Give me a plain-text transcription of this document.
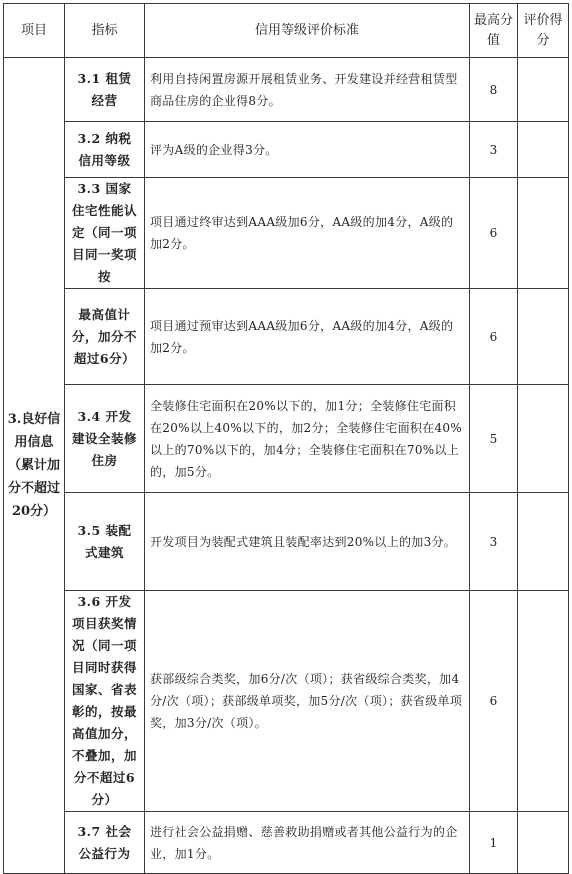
项目	指标	信用等级评价标准	最高分值	评价得分
3.良好信用信息（累计加分不超过20分）	3.1 租赁经营	利用自持闲置房源开展租赁业务、开发建设并经营租赁型商品住房的企业得8分。	8	
	3.2 纳税信用等级	评为A级的企业得3分。	3	
	3.3 国家住宅性能认定（同一项目同一奖项按	项目通过终审达到AAA级加6分，AA级的加4分，A级的加2分。	6	
	最高值计分，加分不超过6分）	项目通过预审达到AAA级加6分，AA级的加4分，A级的加2分。	6	
	3.4 开发建设全装修住房	全装修住宅面积在20%以下的，加1分；全装修住宅面积在20%以上40%以下的，加2分；全装修住宅面积在40%以上的70%以下的，加4分；全装修住宅面积在70%以上的，加5分。	5	
	3.5 装配式建筑	开发项目为装配式建筑且装配率达到20%以上的加3分。	3	
	3.6 开发项目获奖情况（同一项目同时获得国家、省表彰的，按最高值加分，不叠加，加分不超过6分）	获部级综合类奖，加6分/次（项）；获省级综合类奖，加4分/次（项）；获部级单项奖，加5分/次（项）；获省级单项奖，加3分/次（项）。	6	
	3.7 社会公益行为	进行社会公益捐赠、慈善救助捐赠或者其他公益行为的企业，加1分。	1	
